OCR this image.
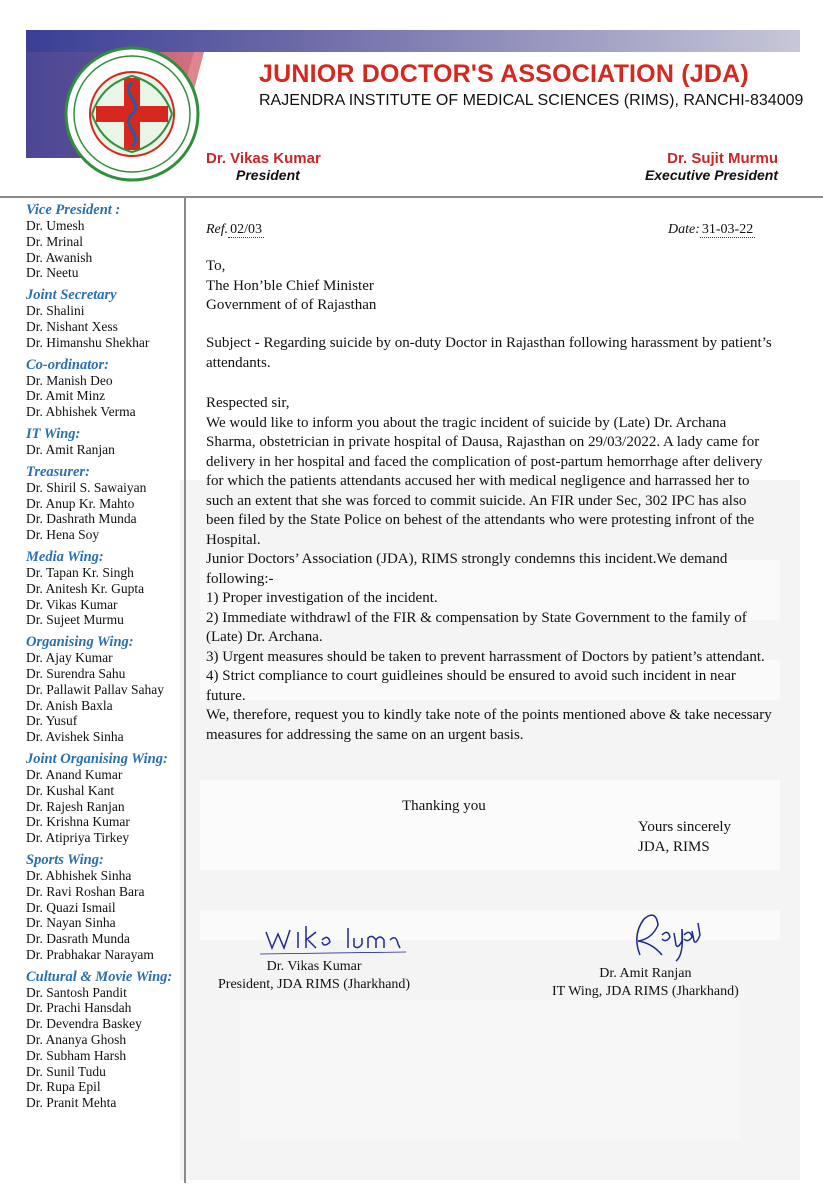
JUNIOR DOCTOR'S ASSOCIATION (JDA)
RAJENDRA INSTITUTE OF MEDICAL SCIENCES (RIMS), RANCHI-834009
Dr. Vikas Kumar
President
Dr. Sujit Murmu
Executive President
Vice President :
Dr. Umesh
Dr. Mrinal
Dr. Awanish
Dr. Neetu
Joint Secretary
Dr. Shalini
Dr. Nishant Xess
Dr. Himanshu Shekhar
Co-ordinator:
Dr. Manish Deo
Dr. Amit Minz
Dr. Abhishek Verma
IT Wing:
Dr. Amit Ranjan
Treasurer:
Dr. Shiril S. Sawaiyan
Dr. Anup Kr. Mahto
Dr. Dashrath Munda
Dr. Hena Soy
Media Wing:
Dr. Tapan Kr. Singh
Dr. Anitesh Kr. Gupta
Dr. Vikas Kumar
Dr. Sujeet Murmu
Organising Wing:
Dr. Ajay Kumar
Dr. Surendra Sahu
Dr. Pallawit Pallav Sahay
Dr. Anish Baxla
Dr. Yusuf
Dr. Avishek Sinha
Joint Organising Wing:
Dr. Anand Kumar
Dr. Kushal Kant
Dr. Rajesh Ranjan
Dr. Krishna Kumar
Dr. Atipriya Tirkey
Sports Wing:
Dr. Abhishek Sinha
Dr. Ravi Roshan Bara
Dr. Quazi Ismail
Dr. Nayan Sinha
Dr. Dasrath Munda
Dr. Prabhakar Narayam
Cultural & Movie Wing:
Dr. Santosh Pandit
Dr. Prachi Hansdah
Dr. Devendra Baskey
Dr. Ananya Ghosh
Dr. Subham Harsh
Dr. Sunil Tudu
Dr. Rupa Epil
Dr. Pranit Mehta
Ref. 02/03	Date: 31-03-22
To,
The Hon’ble Chief Minister
Government of of Rajasthan
Subject - Regarding suicide by on-duty Doctor in Rajasthan following harassment by patient’s attendants.
Respected sir,
We would like to inform you about the tragic incident of suicide by (Late) Dr. Archana Sharma, obstetrician in private hospital of Dausa, Rajasthan on 29/03/2022. A lady came for delivery in her hospital and faced the complication of post-partum hemorrhage after delivery for which the patients attendants accused her with medical negligence and harrassed her to such an extent that she was forced to commit suicide. An FIR under Sec, 302 IPC has also been filed by the State Police on behest of the attendants who were protesting infront of the Hospital.
Junior Doctors’ Association (JDA), RIMS strongly condemns this incident.We demand following:-
1) Proper investigation of the incident.
2) Immediate withdrawl of the FIR & compensation by State Government to the family of (Late) Dr. Archana.
3) Urgent measures should be taken to prevent harrassment of Doctors by patient’s attendant.
4) Strict compliance to court guidleines should be ensured to avoid such incident in near future.
We, therefore, request you to kindly take note of the points mentioned above & take necessary measures for addressing the same on an urgent basis.
Thanking you
Yours sincerely
JDA, RIMS
Dr. Vikas Kumar
President, JDA RIMS (Jharkhand)
Dr. Amit Ranjan
IT Wing, JDA RIMS (Jharkhand)
